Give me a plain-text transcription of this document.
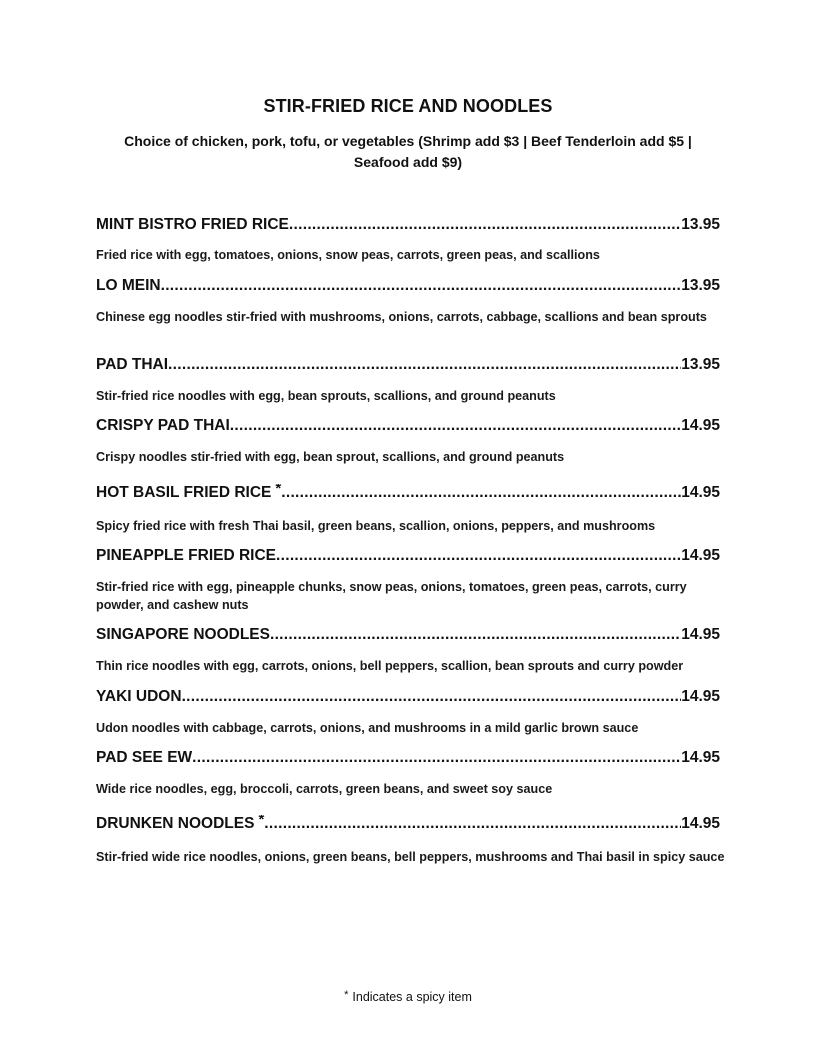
STIR-FRIED RICE AND NOODLES
Choice of chicken, pork, tofu, or vegetables (Shrimp add $3 | Beef Tenderloin add $5 | Seafood add $9)
MINT BISTRO FRIED RICE .....	13.95
Fried rice with egg, tomatoes, onions, snow peas, carrots, green peas, and scallions
LO MEIN .....	13.95
Chinese egg noodles stir-fried with mushrooms, onions, carrots, cabbage, scallions and bean sprouts
PAD THAI .....	13.95
Stir-fried rice noodles with egg, bean sprouts, scallions, and ground peanuts
CRISPY PAD THAI .....	14.95
Crispy noodles stir-fried with egg, bean sprout, scallions, and ground peanuts
HOT BASIL FRIED RICE * .....	14.95
Spicy fried rice with fresh Thai basil, green beans, scallion, onions, peppers, and mushrooms
PINEAPPLE FRIED RICE .....	14.95
Stir-fried rice with egg, pineapple chunks, snow peas, onions, tomatoes, green peas, carrots, curry powder, and cashew nuts
SINGAPORE NOODLES .....	14.95
Thin rice noodles with egg, carrots, onions, bell peppers, scallion, bean sprouts and curry powder
YAKI UDON .....	14.95
Udon noodles with cabbage, carrots, onions, and mushrooms in a mild garlic brown sauce
PAD SEE EW .....	14.95
Wide rice noodles, egg, broccoli, carrots, green beans, and sweet soy sauce
DRUNKEN NOODLES * .....	14.95
Stir-fried wide rice noodles, onions, green beans, bell peppers, mushrooms and Thai basil in spicy sauce
* Indicates a spicy item
